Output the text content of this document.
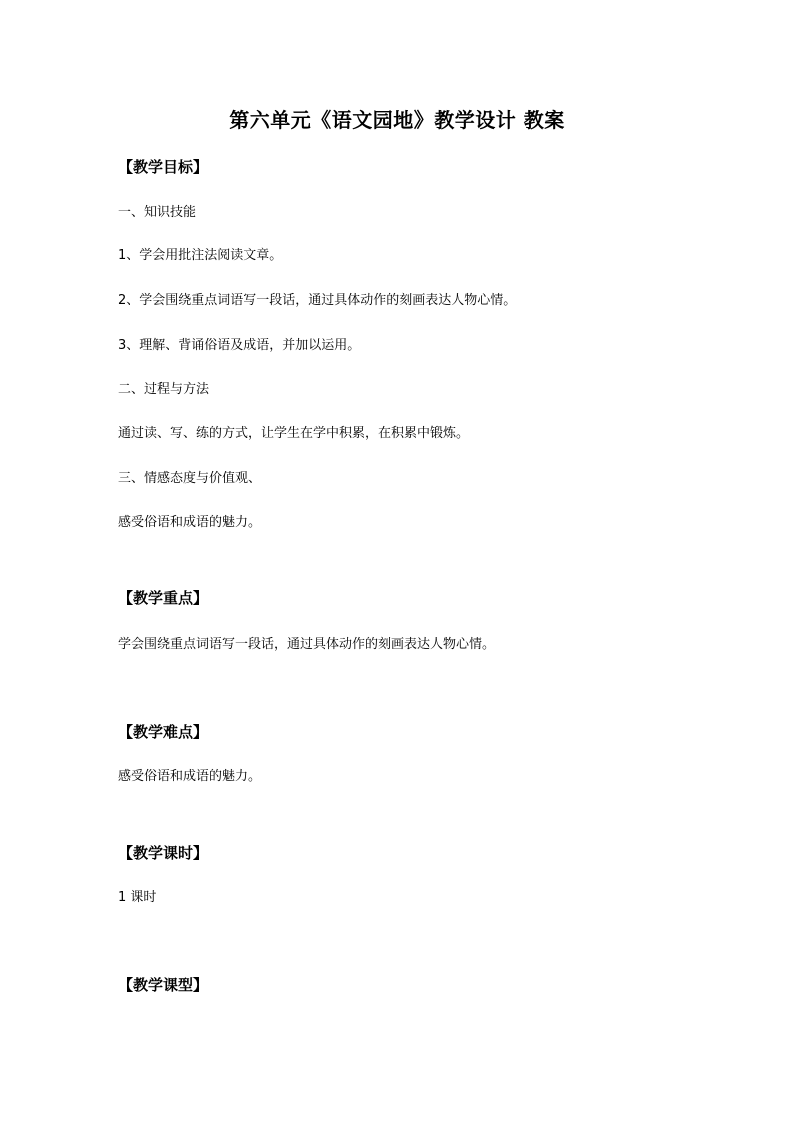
第六单元《语文园地》教学设计 教案
【教学目标】
一、知识技能
1、学会用批注法阅读文章。
2、学会围绕重点词语写一段话，通过具体动作的刻画表达人物心情。
3、理解、背诵俗语及成语，并加以运用。
二、过程与方法
通过读、写、练的方式，让学生在学中积累，在积累中锻炼。
三、情感态度与价值观、
感受俗语和成语的魅力。
【教学重点】
学会围绕重点词语写一段话，通过具体动作的刻画表达人物心情。
【教学难点】
感受俗语和成语的魅力。
【教学课时】
1 课时
【教学课型】
